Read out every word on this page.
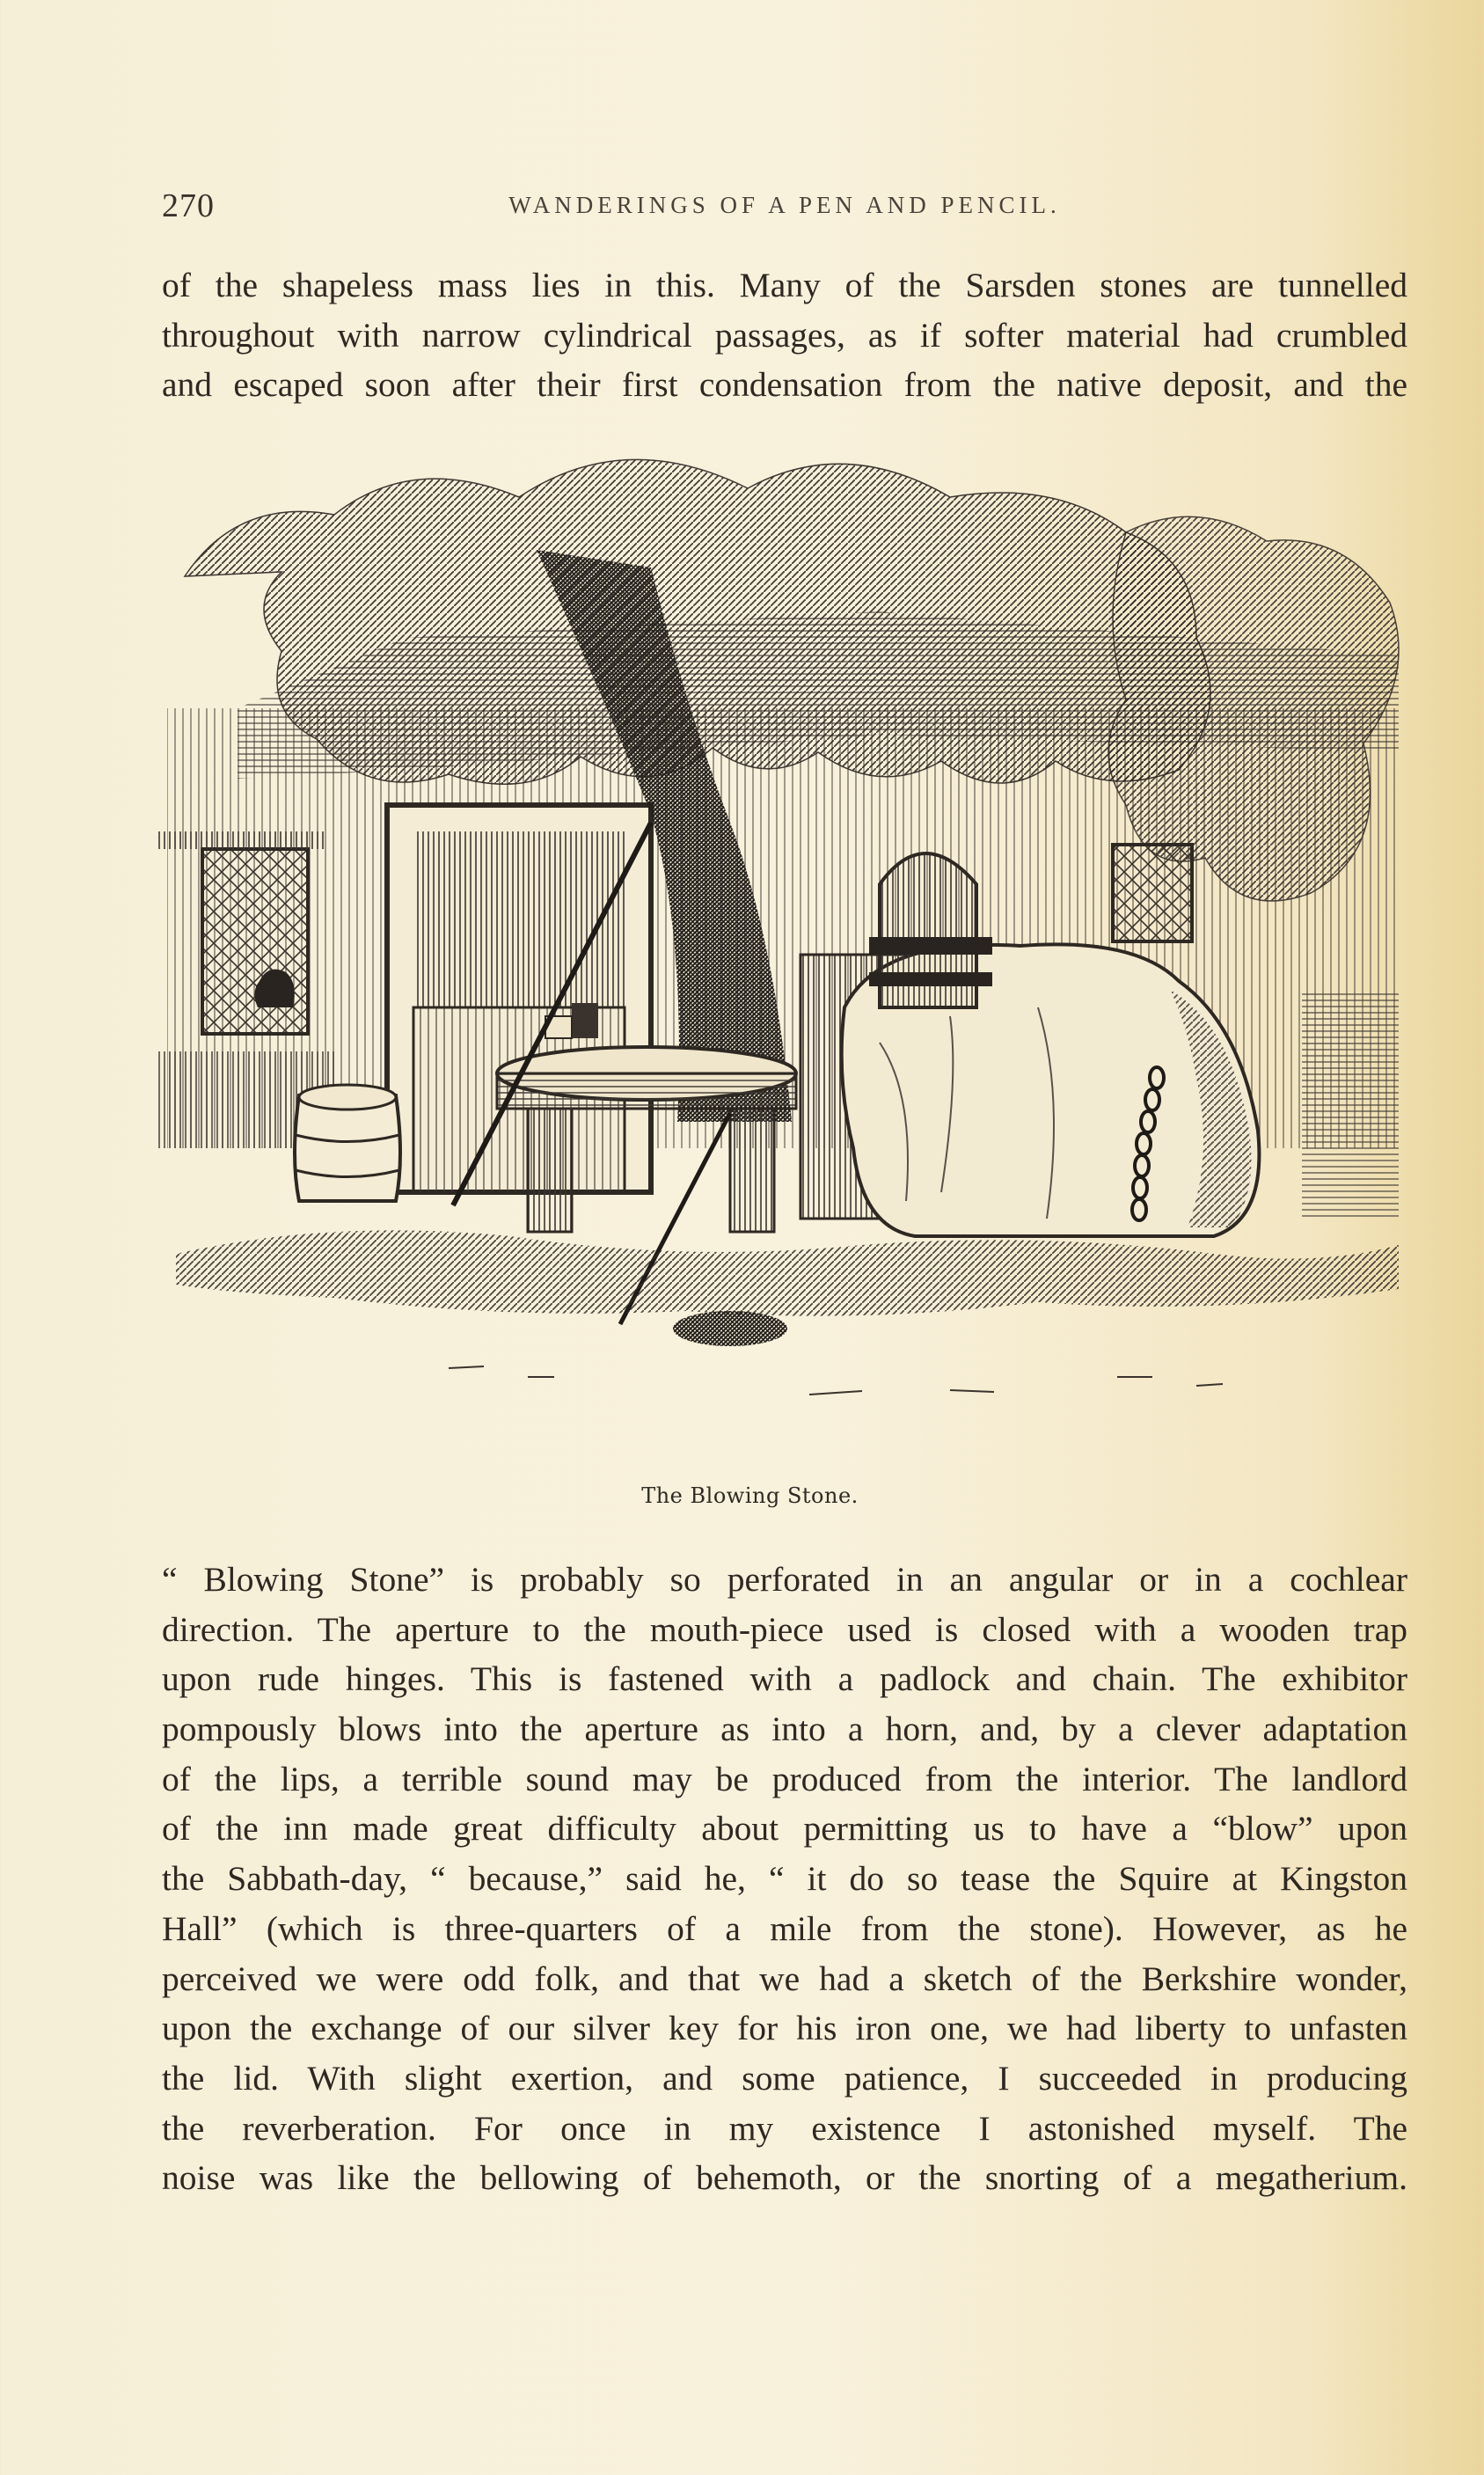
270	WANDERINGS OF A PEN AND PENCIL.
of the shapeless mass lies in this. Many of the Sarsden stones are tunnelled
throughout with narrow cylindrical passages, as if softer material had crumbled
and escaped soon after their first condensation from the native deposit, and the
The Blowing Stone.
“ Blowing Stone” is probably so perforated in an angular or in a cochlear
direction. The aperture to the mouth-piece used is closed with a wooden trap
upon rude hinges. This is fastened with a padlock and chain. The exhibitor
pompously blows into the aperture as into a horn, and, by a clever adaptation
of the lips, a terrible sound may be produced from the interior. The landlord
of the inn made great difficulty about permitting us to have a “blow” upon
the Sabbath-day, “ because,” said he, “ it do so tease the Squire at Kingston
Hall” (which is three-quarters of a mile from the stone). However, as he
perceived we were odd folk, and that we had a sketch of the Berkshire wonder,
upon the exchange of our silver key for his iron one, we had liberty to unfasten
the lid. With slight exertion, and some patience, I succeeded in producing
the reverberation. For once in my existence I astonished myself. The
noise was like the bellowing of behemoth, or the snorting of a megatherium.
